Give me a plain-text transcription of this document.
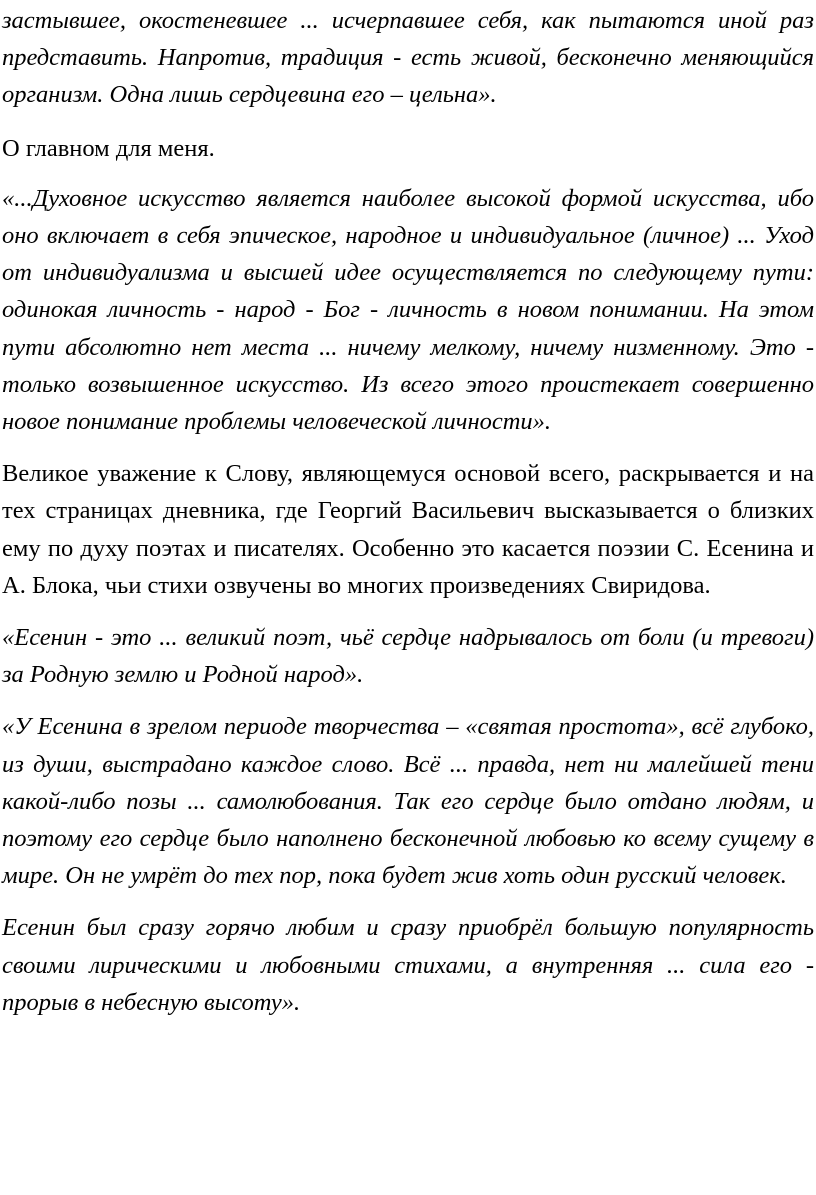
застывшее, окостеневшее ... исчерпавшее себя, как пытаются иной раз представить. Напротив, традиция - есть живой, бесконечно меняющийся организм. Одна лишь сердцевина его – цельна».

О главном для меня.

«...Духовное искусство является наиболее высокой формой искусства, ибо оно включает в себя эпическое, народное и индивидуальное (личное) ... Уход от индивидуализма и высшей идее осуществляется по следующему пути: одинокая личность - народ - Бог - личность в новом понимании. На этом пути абсолютно нет места ... ничему мелкому, ничему низменному. Это - только возвышенное искусство. Из всего этого проистекает совершенно новое понимание проблемы человеческой личности».

Великое уважение к Слову, являющемуся основой всего, раскрывается и на тех страницах дневника, где Георгий Васильевич высказывается о близких ему по духу поэтах и писателях. Особенно это касается поэзии С. Есенина и А. Блока, чьи стихи озвучены во многих произведениях Свиридова.

«Есенин - это ... великий поэт, чьё сердце надрывалось от боли (и тревоги) за Родную землю и Родной народ».

«У Есенина в зрелом периоде творчества – «святая простота», всё глубоко, из души, выстрадано каждое слово. Всё ... правда, нет ни малейшей тени какой-либо позы ... самолюбования. Так его сердце было отдано людям, и поэтому его сердце было наполнено бесконечной любовью ко всему сущему в мире. Он не умрёт до тех пор, пока будет жив хоть один русский человек.

Есенин был сразу горячо любим и сразу приобрёл большую популярность своими лирическими и любовными стихами, а внутренняя ... сила его - прорыв в небесную высоту».
